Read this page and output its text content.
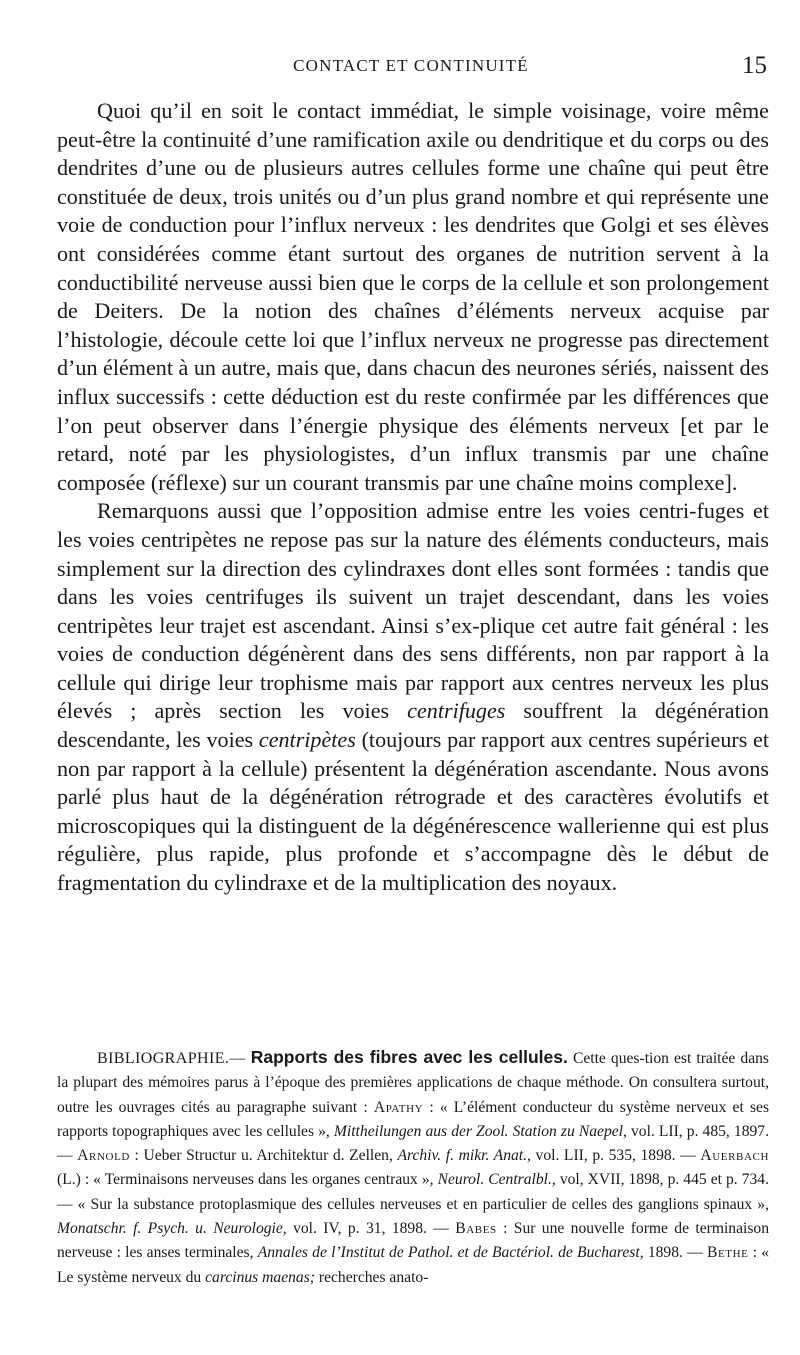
CONTACT ET CONTINUITÉ	15

Quoi qu’il en soit le contact immédiat, le simple voisinage, voire même peut-être la continuité d’une ramification axile ou dendritique et du corps ou des dendrites d’une ou de plusieurs autres cellules forme une chaîne qui peut être constituée de deux, trois unités ou d’un plus grand nombre et qui représente une voie de conduction pour l’influx nerveux : les dendrites que Golgi et ses élèves ont considérées comme étant surtout des organes de nutrition servent à la conductibilité nerveuse aussi bien que le corps de la cellule et son prolongement de Deiters. De la notion des chaînes d’éléments nerveux acquise par l’histologie, découle cette loi que l’influx nerveux ne progresse pas directement d’un élément à un autre, mais que, dans chacun des neurones sériés, naissent des influx successifs : cette déduction est du reste confirmée par les différences que l’on peut observer dans l’énergie physique des éléments nerveux [et par le retard, noté par les physiologistes, d’un influx transmis par une chaîne composée (réflexe) sur un courant transmis par une chaîne moins complexe].

Remarquons aussi que l’opposition admise entre les voies centri-fuges et les voies centripètes ne repose pas sur la nature des éléments conducteurs, mais simplement sur la direction des cylindraxes dont elles sont formées : tandis que dans les voies centrifuges ils suivent un trajet descendant, dans les voies centripètes leur trajet est ascendant. Ainsi s’ex-plique cet autre fait général : les voies de conduction dégénèrent dans des sens différents, non par rapport à la cellule qui dirige leur trophisme mais par rapport aux centres nerveux les plus élevés ; après section les voies centrifuges souffrent la dégénération descendante, les voies centripètes (toujours par rapport aux centres supérieurs et non par rapport à la cellule) présentent la dégénération ascendante. Nous avons parlé plus haut de la dégénération rétrograde et des caractères évolutifs et microscopiques qui la distinguent de la dégénérescence wallerienne qui est plus régulière, plus rapide, plus profonde et s’accompagne dès le début de fragmentation du cylindraxe et de la multiplication des noyaux.

BIBLIOGRAPHIE.— Rapports des fibres avec les cellules. Cette ques-tion est traitée dans la plupart des mémoires parus à l’époque des premières applications de chaque méthode. On consultera surtout, outre les ouvrages cités au paragraphe suivant : Apathy : « L’élément conducteur du système nerveux et ses rapports topographiques avec les cellules », Mittheilungen aus der Zool. Station zu Naepel, vol. LII, p. 485, 1897. — Arnold : Ueber Structur u. Architektur d. Zellen, Archiv. f. mikr. Anat., vol. LII, p. 535, 1898. — Auerbach (L.) : « Terminaisons nerveuses dans les organes centraux », Neurol. Centralbl., vol, XVII, 1898, p. 445 et p. 734. — « Sur la substance protoplasmique des cellules nerveuses et en particulier de celles des ganglions spinaux », Monatschr. f. Psych. u. Neurologie, vol. IV, p. 31, 1898. — Babes : Sur une nouvelle forme de terminaison nerveuse : les anses terminales, Annales de l’Institut de Pathol. et de Bactériol. de Bucharest, 1898. — Bethe : « Le système nerveux du carcinus maenas; recherches anato-
